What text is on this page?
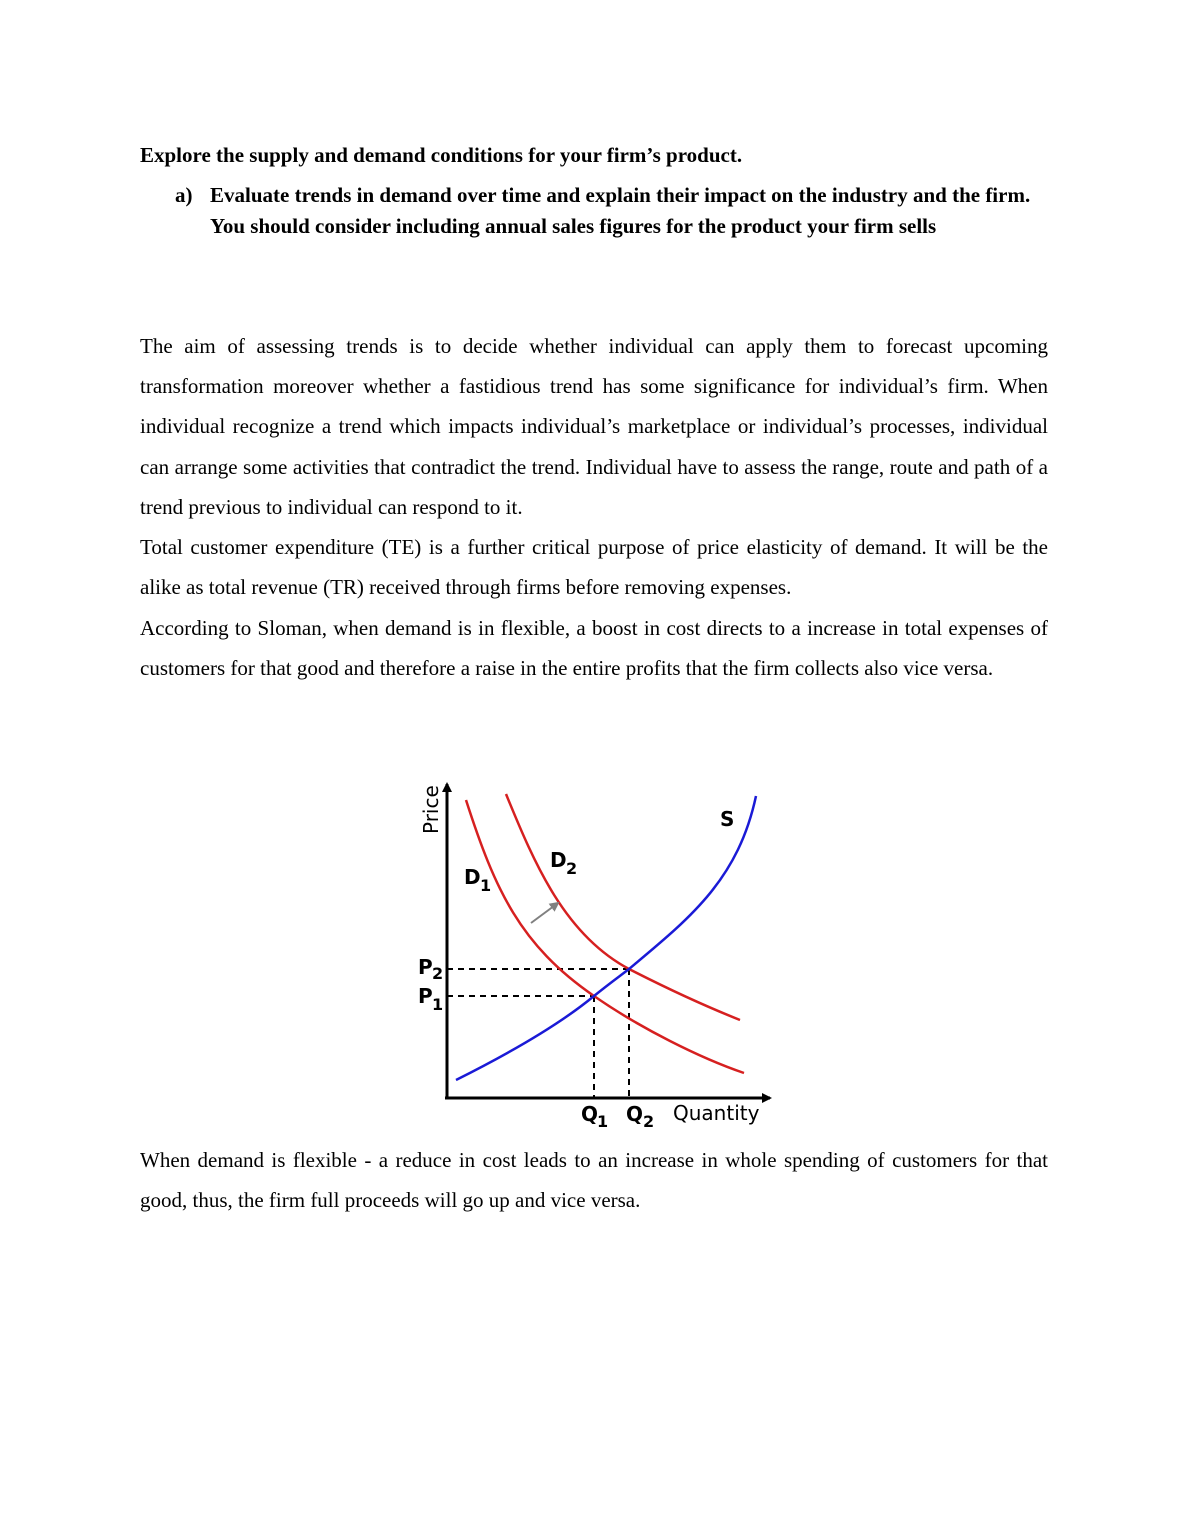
Explore the supply and demand conditions for your firm’s product.

a) Evaluate trends in demand over time and explain their impact on the industry and the firm. You should consider including annual sales figures for the product your firm sells

The aim of assessing trends is to decide whether individual can apply them to forecast upcoming transformation moreover whether a fastidious trend has some significance for individual’s firm. When individual recognize a trend which impacts individual’s marketplace or individual’s processes, individual can arrange some activities that contradict the trend. Individual have to assess the range, route and path of a trend previous to individual can respond to it.

Total customer expenditure (TE) is a further critical purpose of price elasticity of demand. It will be the alike as total revenue (TR) received through firms before removing expenses.

According to Sloman, when demand is in flexible, a boost in cost directs to a increase in total expenses of customers for that good and therefore a raise in the entire profits that the firm collects also vice versa.

Price
Quantity
S
D 1
D 2
P 2
P 1
Q
1 Q 2

When demand is flexible - a reduce in cost leads to an increase in whole spending of customers for that good, thus, the firm full proceeds will go up and vice versa.
